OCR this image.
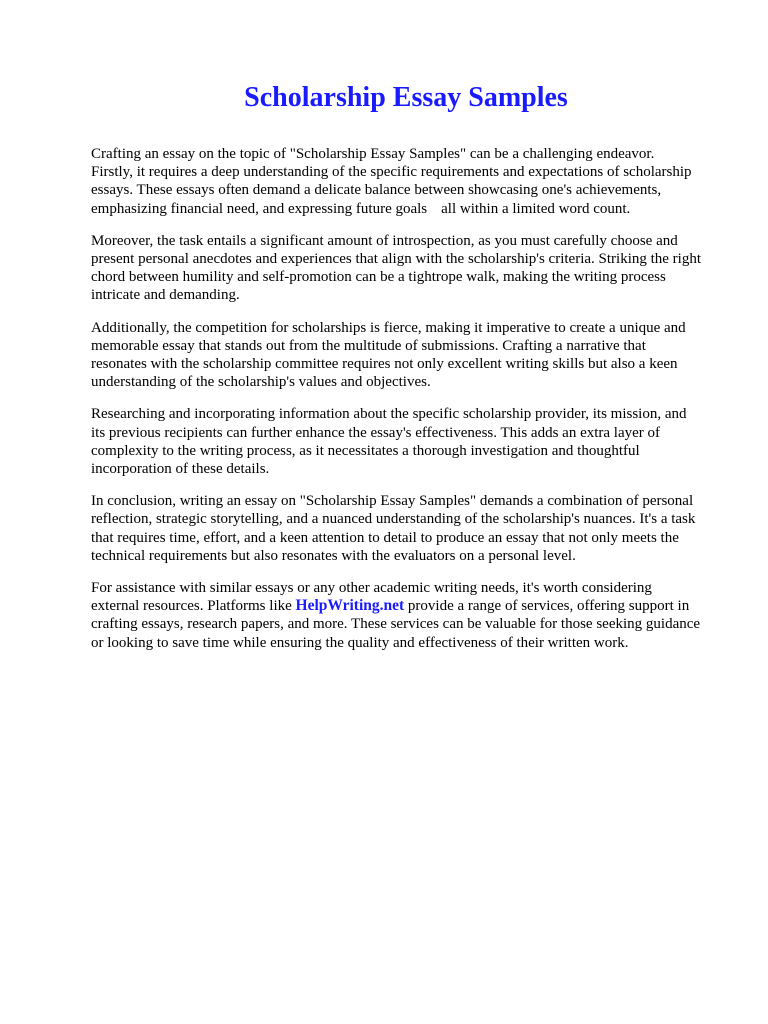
Scholarship Essay Samples

Crafting an essay on the topic of "Scholarship Essay Samples" can be a challenging endeavor.
Firstly, it requires a deep understanding of the specific requirements and expectations of scholarship
essays. These essays often demand a delicate balance between showcasing one's achievements,
emphasizing financial need, and expressing future goals all within a limited word count.

Moreover, the task entails a significant amount of introspection, as you must carefully choose and
present personal anecdotes and experiences that align with the scholarship's criteria. Striking the right
chord between humility and self-promotion can be a tightrope walk, making the writing process
intricate and demanding.

Additionally, the competition for scholarships is fierce, making it imperative to create a unique and
memorable essay that stands out from the multitude of submissions. Crafting a narrative that
resonates with the scholarship committee requires not only excellent writing skills but also a keen
understanding of the scholarship's values and objectives.

Researching and incorporating information about the specific scholarship provider, its mission, and
its previous recipients can further enhance the essay's effectiveness. This adds an extra layer of
complexity to the writing process, as it necessitates a thorough investigation and thoughtful
incorporation of these details.

In conclusion, writing an essay on "Scholarship Essay Samples" demands a combination of personal
reflection, strategic storytelling, and a nuanced understanding of the scholarship's nuances. It's a task
that requires time, effort, and a keen attention to detail to produce an essay that not only meets the
technical requirements but also resonates with the evaluators on a personal level.

For assistance with similar essays or any other academic writing needs, it's worth considering
external resources. Platforms like HelpWriting.net provide a range of services, offering support in
crafting essays, research papers, and more. These services can be valuable for those seeking guidance
or looking to save time while ensuring the quality and effectiveness of their written work.
